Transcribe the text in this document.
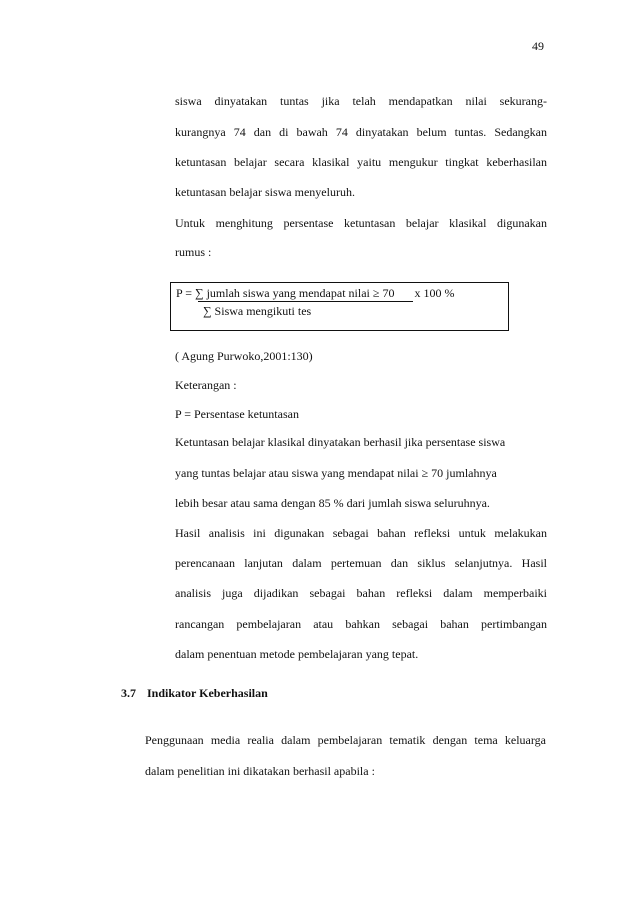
49
siswa dinyatakan tuntas jika telah mendapatkan nilai sekurang-
kurangnya 74 dan di bawah 74 dinyatakan belum tuntas. Sedangkan
ketuntasan belajar secara klasikal yaitu mengukur tingkat keberhasilan
ketuntasan belajar siswa menyeluruh.
Untuk menghitung persentase ketuntasan belajar klasikal digunakan
rumus :
P = ∑ jumlah siswa yang mendapat nilai ≥ 70 x 100 %
∑ Siswa mengikuti tes
( Agung Purwoko,2001:130)
Keterangan :
P = Persentase ketuntasan
Ketuntasan belajar klasikal dinyatakan berhasil jika persentase siswa
yang tuntas belajar atau siswa yang mendapat nilai ≥ 70 jumlahnya
lebih besar atau sama dengan 85 % dari jumlah siswa seluruhnya.
Hasil analisis ini digunakan sebagai bahan refleksi untuk melakukan
perencanaan lanjutan dalam pertemuan dan siklus selanjutnya. Hasil
analisis juga dijadikan sebagai bahan refleksi dalam memperbaiki
rancangan pembelajaran atau bahkan sebagai bahan pertimbangan
dalam penentuan metode pembelajaran yang tepat.
3.7 Indikator Keberhasilan
Penggunaan media realia dalam pembelajaran tematik dengan tema keluarga
dalam penelitian ini dikatakan berhasil apabila :
